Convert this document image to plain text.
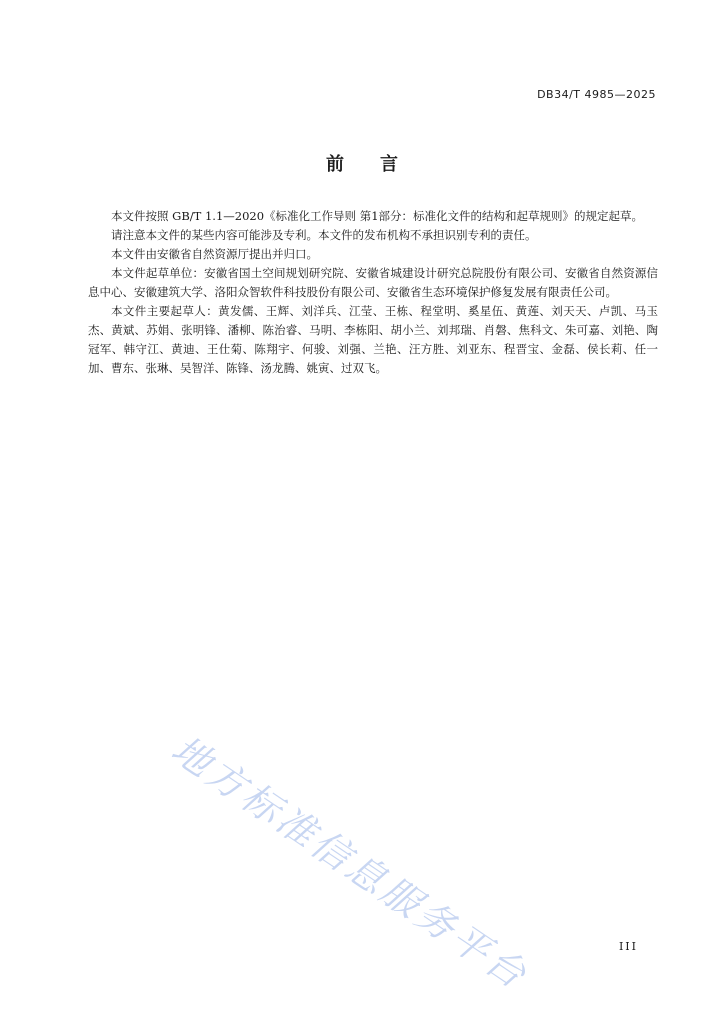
DB34/T 4985—2025
前 言

本文件按照 GB/T 1.1—2020《标准化工作导则 第1部分：标准化文件的结构和起草规则》的规定起草。

请注意本文件的某些内容可能涉及专利。本文件的发布机构不承担识别专利的责任。

本文件由安徽省自然资源厅提出并归口。

本文件起草单位：安徽省国土空间规划研究院、安徽省城建设计研究总院股份有限公司、安徽省自然资源信息中心、安徽建筑大学、洛阳众智软件科技股份有限公司、安徽省生态环境保护修复发展有限责任公司。

本文件主要起草人：黄发儒、王辉、刘洋兵、江莹、王栋、程堂明、奚星伍、黄莲、刘天天、卢凯、马玉杰、黄斌、苏娟、张明锋、潘柳、陈治睿、马明、李栋阳、胡小兰、刘邦瑞、肖磐、焦科文、朱可嘉、刘艳、陶冠军、韩守江、黄迪、王仕菊、陈翔宇、何骏、刘强、兰艳、汪方胜、刘亚东、程晋宝、金磊、侯长莉、任一加、曹东、张琳、吴智洋、陈锋、汤龙腾、姚寅、过双飞。

地方标准信息服务平台	III
